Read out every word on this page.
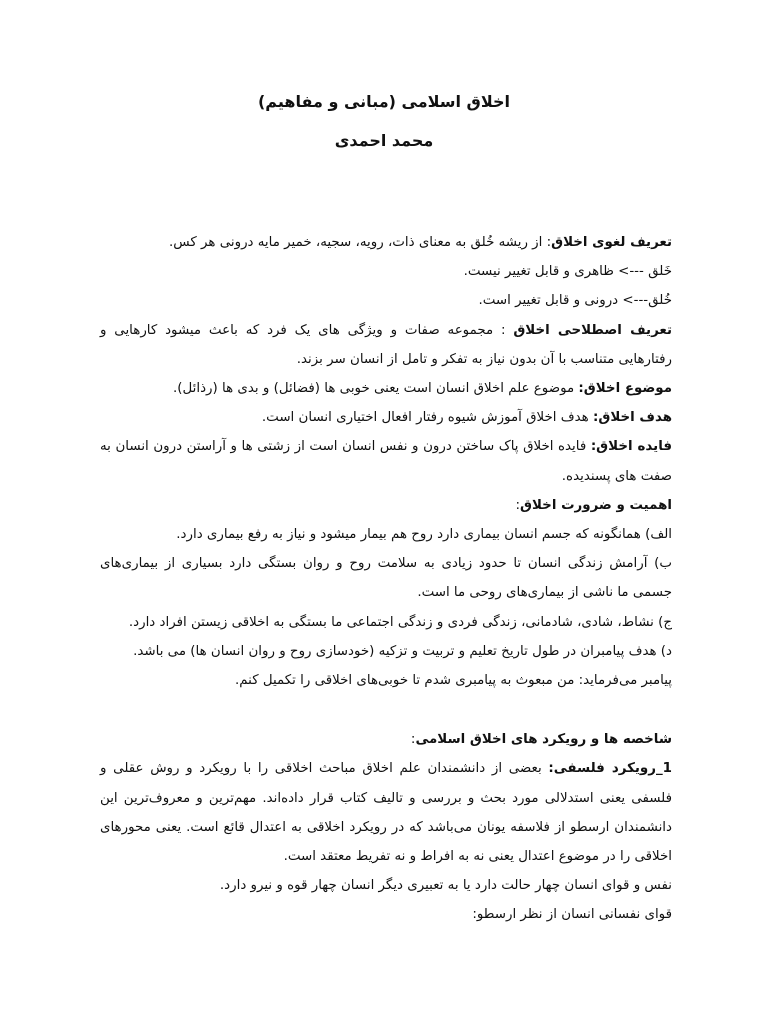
اخلاق اسلامی (مبانی و مفاهیم)
محمد احمدی

تعریف لغوی اخلاق: از ریشه خُلق به معنای ذات، رویه، سجیه، خمیر مایه درونی هر کس.

خَلق ---> ظاهری و قابل تغییر نیست.

خُلق---> درونی و قابل تغییر است.

تعریف اصطلاحی اخلاق : مجموعه صفات و ویژگی های یک فرد که باعث میشود کارهایی و رفتارهایی متناسب با آن بدون نیاز به تفکر و تامل از انسان سر بزند.

موضوع اخلاق: موضوع علم اخلاق انسان است یعنی خوبی ها (فضائل) و بدی ها (رذائل).

هدف اخلاق: هدف اخلاق آموزش شیوه رفتار افعال اختیاری انسان است.

فایده اخلاق: فایده اخلاق پاک ساختن درون و نفس انسان است از زشتی ها و آراستن درون انسان به صفت های پسندیده.

اهمیت و ضرورت اخلاق:

الف) همانگونه که جسم انسان بیماری دارد روح هم بیمار میشود و نیاز به رفع بیماری دارد.

ب) آرامش زندگی انسان تا حدود زیادی به سلامت روح و روان بستگی دارد بسیاری از بیماری‌های جسمی ما ناشی از بیماری‌های روحی ما است.

ج) نشاط، شادی، شادمانی، زندگی فردی و زندگی اجتماعی ما بستگی به اخلاقی زیستن افراد دارد.

د) هدف پیامبران در طول تاریخ تعلیم و تربیت و تزکیه (خودسازی روح و روان انسان ها) می باشد.

پیامبر می‌فرماید: من مبعوث به پیامبری شدم تا خوبی‌های اخلاقی را تکمیل کنم.

شاخصه ها و رویکرد های اخلاق اسلامی:

1_رویکرد فلسفی: بعضی از دانشمندان علم اخلاق مباحث اخلاقی را با رویکرد و روش عقلی و فلسفی یعنی استدلالی مورد بحث و بررسی و تالیف کتاب قرار داده‌اند. مهم‌ترین و معروف‌ترین این دانشمندان ارسطو از فلاسفه یونان می‌باشد که در رویکرد اخلاقی به اعتدال قائع است. یعنی محورهای اخلاقی را در موضوع اعتدال یعنی نه به افراط و نه تفریط معتقد است.

نفس و قوای انسان چهار حالت دارد یا به تعبیری دیگر انسان چهار قوه و نیرو دارد.

قوای نفسانی انسان از نظر ارسطو:
